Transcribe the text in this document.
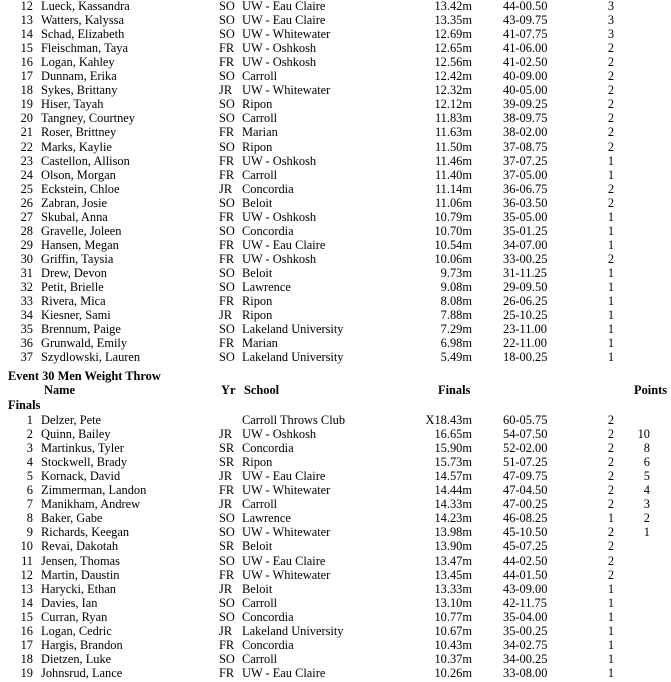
12 Lueck, Kassandra	SO UW - Eau Claire	13.42m	44-00.50	3
13 Watters, Kalyssa	SO UW - Eau Claire	13.35m	43-09.75	3
14 Schad, Elizabeth	SO UW - Whitewater	12.69m	41-07.75	3
15 Fleischman, Taya	FR UW - Oshkosh	12.65m	41-06.00	2
16 Logan, Kahley	FR UW - Oshkosh	12.56m	41-02.50	2
17 Dunnam, Erika	SO Carroll	12.42m	40-09.00	2
18 Sykes, Brittany	JR UW - Whitewater	12.32m	40-05.00	2
19 Hiser, Tayah	SO Ripon	12.12m	39-09.25	2
20 Tangney, Courtney	SO Carroll	11.83m	38-09.75	2
21 Roser, Brittney	FR Marian	11.63m	38-02.00	2
22 Marks, Kaylie	SO Ripon	11.50m	37-08.75	2
23 Castellon, Allison	FR UW - Oshkosh	11.46m	37-07.25	1
24 Olson, Morgan	FR Carroll	11.40m	37-05.00	1
25 Eckstein, Chloe	JR Concordia	11.14m	36-06.75	2
26 Zabran, Josie	SO Beloit	11.06m	36-03.50	2
27 Skubal, Anna	FR UW - Oshkosh	10.79m	35-05.00	1
28 Gravelle, Joleen	SO Concordia	10.70m	35-01.25	1
29 Hansen, Megan	FR UW - Eau Claire	10.54m	34-07.00	1
30 Griffin, Taysia	FR UW - Oshkosh	10.06m	33-00.25	2
31 Drew, Devon	SO Beloit	9.73m	31-11.25	1
32 Petit, Brielle	SO Lawrence	9.08m	29-09.50	1
33 Rivera, Mica	FR Ripon	8.08m	26-06.25	1
34 Kiesner, Sami	JR Ripon	7.88m	25-10.25	1
35 Brennum, Paige	SO Lakeland University	7.29m	23-11.00	1
36 Grunwald, Emily	FR Marian	6.98m	22-11.00	1
37 Szydlowski, Lauren	SO Lakeland University	5.49m	18-00.25	1
Event 30 Men Weight Throw
Name	Yr School	Finals	Points
Finals
1 Delzer, Pete	Carroll Throws Club	X18.43m	60-05.75	2
2 Quinn, Bailey	JR UW - Oshkosh	16.65m	54-07.50	2	10
3 Martinkus, Tyler	SR Concordia	15.90m	52-02.00	2	8
4 Stockwell, Brady	SR Ripon	15.73m	51-07.25	2	6
5 Kornack, David	JR UW - Eau Claire	14.57m	47-09.75	2	5
6 Zimmerman, Landon	FR UW - Whitewater	14.44m	47-04.50	2	4
7 Manikham, Andrew	JR Carroll	14.33m	47-00.25	2	3
8 Baker, Gabe	SO Lawrence	14.23m	46-08.25	1	2
9 Richards, Keegan	SO UW - Whitewater	13.98m	45-10.50	2	1
10 Revai, Dakotah	SR Beloit	13.90m	45-07.25	2
11 Jensen, Thomas	SO UW - Eau Claire	13.47m	44-02.50	2
12 Martin, Daustin	FR UW - Whitewater	13.45m	44-01.50	2
13 Harycki, Ethan	JR Beloit	13.33m	43-09.00	1
14 Davies, Ian	SO Carroll	13.10m	42-11.75	1
15 Curran, Ryan	SO Concordia	10.77m	35-04.00	1
16 Logan, Cedric	JR Lakeland University	10.67m	35-00.25	1
17 Hargis, Brandon	FR Concordia	10.43m	34-02.75	1
18 Dietzen, Luke	SO Carroll	10.37m	34-00.25	1
19 Johnsrud, Lance	FR UW - Eau Claire	10.26m	33-08.00	1
